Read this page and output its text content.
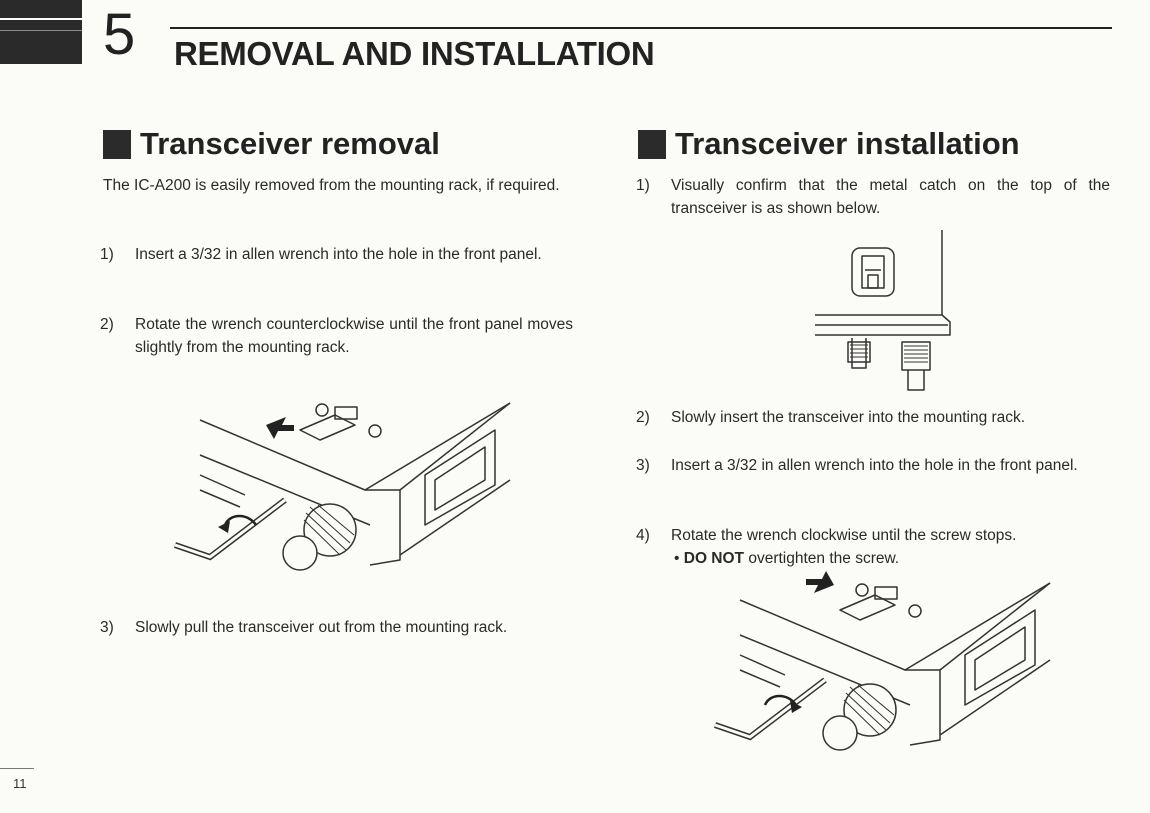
5 REMOVAL AND INSTALLATION
Transceiver removal
The IC-A200 is easily removed from the mounting rack, if required.
1) Insert a 3/32 in allen wrench into the hole in the front panel.
2) Rotate the wrench counterclockwise until the front panel moves slightly from the mounting rack.
3) Slowly pull the transceiver out from the mounting rack.
Transceiver installation
1) Visually confirm that the metal catch on the top of the transceiver is as shown below.
2) Slowly insert the transceiver into the mounting rack.
3) Insert a 3/32 in allen wrench into the hole in the front panel.
4) Rotate the wrench clockwise until the screw stops.
• DO NOT overtighten the screw.
11
